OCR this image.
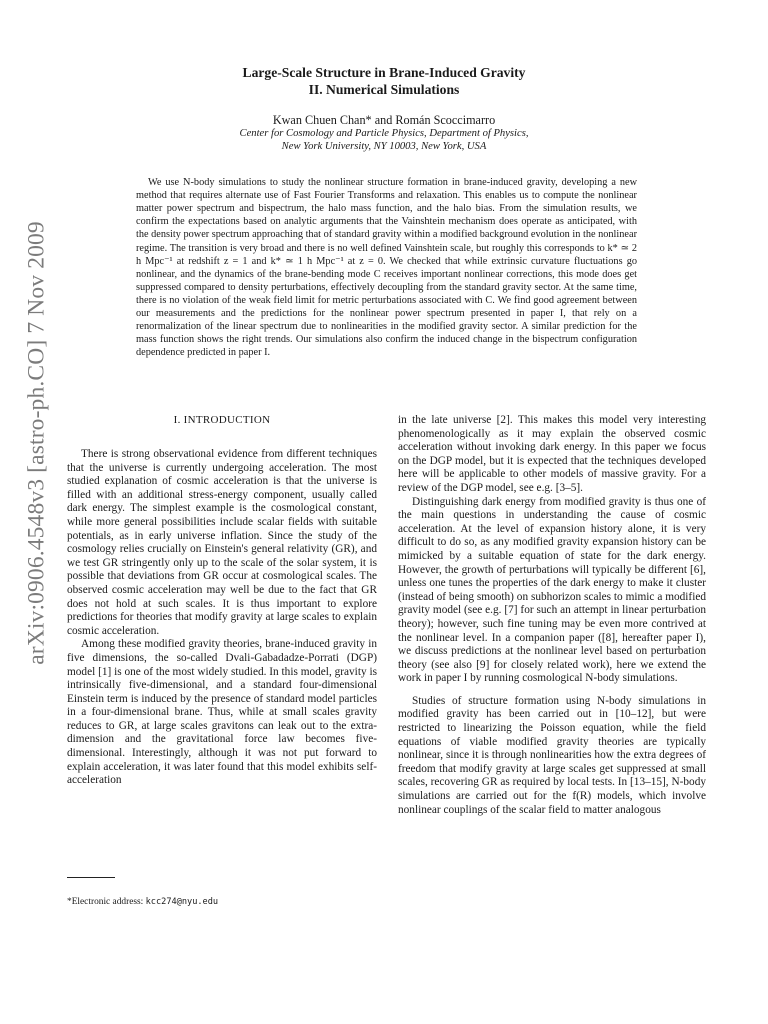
arXiv:0906.4548v3 [astro-ph.CO] 7 Nov 2009
Large-Scale Structure in Brane-Induced Gravity
II. Numerical Simulations
Kwan Chuen Chan* and Román Scoccimarro
Center for Cosmology and Particle Physics, Department of Physics,
New York University, NY 10003, New York, USA

We use N-body simulations to study the nonlinear structure formation in brane-induced gravity, developing a new method that requires alternate use of Fast Fourier Transforms and relaxation. This enables us to compute the nonlinear matter power spectrum and bispectrum, the halo mass function, and the halo bias. From the simulation results, we confirm the expectations based on analytic arguments that the Vainshtein mechanism does operate as anticipated, with the density power spectrum approaching that of standard gravity within a modified background evolution in the nonlinear regime. The transition is very broad and there is no well defined Vainshtein scale, but roughly this corresponds to k* ≃ 2 h Mpc⁻¹ at redshift z = 1 and k* ≃ 1 h Mpc⁻¹ at z = 0. We checked that while extrinsic curvature fluctuations go nonlinear, and the dynamics of the brane-bending mode C receives important nonlinear corrections, this mode does get suppressed compared to density perturbations, effectively decoupling from the standard gravity sector. At the same time, there is no violation of the weak field limit for metric perturbations associated with C. We find good agreement between our measurements and the predictions for the nonlinear power spectrum presented in paper I, that rely on a renormalization of the linear spectrum due to nonlinearities in the modified gravity sector. A similar prediction for the mass function shows the right trends. Our simulations also confirm the induced change in the bispectrum configuration dependence predicted in paper I.

I. INTRODUCTION

There is strong observational evidence from different techniques that the universe is currently undergoing acceleration. The most studied explanation of cosmic acceleration is that the universe is filled with an additional stress-energy component, usually called dark energy. The simplest example is the cosmological constant, while more general possibilities include scalar fields with suitable potentials, as in early universe inflation. Since the study of the cosmology relies crucially on Einstein's general relativity (GR), and we test GR stringently only up to the scale of the solar system, it is possible that deviations from GR occur at cosmological scales. The observed cosmic acceleration may well be due to the fact that GR does not hold at such scales. It is thus important to explore predictions for theories that modify gravity at large scales to explain cosmic acceleration.

Among these modified gravity theories, brane-induced gravity in five dimensions, the so-called Dvali-Gabadadze-Porrati (DGP) model [1] is one of the most widely studied. In this model, gravity is intrinsically five-dimensional, and a standard four-dimensional Einstein term is induced by the presence of standard model particles in a four-dimensional brane. Thus, while at small scales gravity reduces to GR, at large scales gravitons can leak out to the extra-dimension and the gravitational force law becomes five-dimensional. Interestingly, although it was not put forward to explain acceleration, it was later found that this model exhibits self-acceleration

in the late universe [2]. This makes this model very interesting phenomenologically as it may explain the observed cosmic acceleration without invoking dark energy. In this paper we focus on the DGP model, but it is expected that the techniques developed here will be applicable to other models of massive gravity. For a review of the DGP model, see e.g. [3–5].

Distinguishing dark energy from modified gravity is thus one of the main questions in understanding the cause of cosmic acceleration. At the level of expansion history alone, it is very difficult to do so, as any modified gravity expansion history can be mimicked by a suitable equation of state for the dark energy. However, the growth of perturbations will typically be different [6], unless one tunes the properties of the dark energy to make it cluster (instead of being smooth) on subhorizon scales to mimic a modified gravity model (see e.g. [7] for such an attempt in linear perturbation theory); however, such fine tuning may be even more contrived at the nonlinear level. In a companion paper ([8], hereafter paper I), we discuss predictions at the nonlinear level based on perturbation theory (see also [9] for closely related work), here we extend the work in paper I by running cosmological N-body simulations.

Studies of structure formation using N-body simulations in modified gravity has been carried out in [10–12], but were restricted to linearizing the Poisson equation, while the field equations of viable modified gravity theories are typically nonlinear, since it is through nonlinearities how the extra degrees of freedom that modify gravity at large scales get suppressed at small scales, recovering GR as required by local tests. In [13–15], N-body simulations are carried out for the f(R) models, which involve nonlinear couplings of the scalar field to matter analogous

*Electronic address: kcc274@nyu.edu
